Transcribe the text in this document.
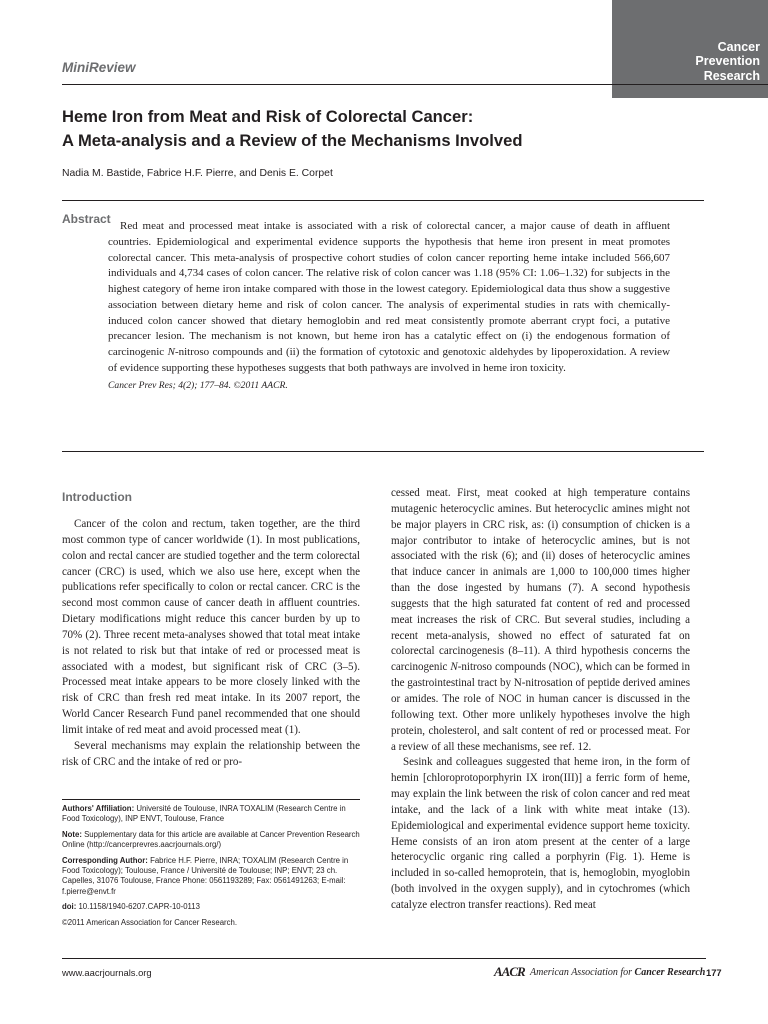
Cancer
Prevention
Research
MiniReview
Heme Iron from Meat and Risk of Colorectal Cancer:
A Meta-analysis and a Review of the Mechanisms Involved
Nadia M. Bastide, Fabrice H.F. Pierre, and Denis E. Corpet
Abstract Red meat and processed meat intake is associated with a risk of colorectal cancer, a major cause of death in affluent countries. Epidemiological and experimental evidence supports the hypothesis that heme iron present in meat promotes colorectal cancer. This meta-analysis of prospective cohort studies of colon cancer reporting heme intake included 566,607 individuals and 4,734 cases of colon cancer. The relative risk of colon cancer was 1.18 (95% CI: 1.06–1.32) for subjects in the highest category of heme iron intake compared with those in the lowest category. Epidemiological data thus show a suggestive association between dietary heme and risk of colon cancer. The analysis of experimental studies in rats with chemically-induced colon cancer showed that dietary hemoglobin and red meat consistently promote aberrant crypt foci, a putative precancer lesion. The mechanism is not known, but heme iron has a catalytic effect on (i) the endogenous formation of carcinogenic N-nitroso compounds and (ii) the formation of cytotoxic and genotoxic aldehydes by lipoperoxidation. A review of evidence supporting these hypotheses suggests that both pathways are involved in heme iron toxicity.

Cancer Prev Res; 4(2); 177–84. ©2011 AACR.
Introduction

Cancer of the colon and rectum, taken together, are the third most common type of cancer worldwide (1). In most publications, colon and rectal cancer are studied together and the term colorectal cancer (CRC) is used, which we also use here, except when the publications refer specifically to colon or rectal cancer. CRC is the second most common cause of cancer death in affluent countries. Dietary modifications might reduce this cancer burden by up to 70% (2). Three recent meta-analyses showed that total meat intake is not related to risk but that intake of red or processed meat is associated with a modest, but significant risk of CRC (3–5). Processed meat intake appears to be more closely linked with the risk of CRC than fresh red meat intake. In its 2007 report, the World Cancer Research Fund panel recommended that one should limit intake of red meat and avoid processed meat (1).

Several mechanisms may explain the relationship between the risk of CRC and the intake of red or pro-

Authors' Affiliation: Université de Toulouse, INRA TOXALIM (Research Centre in Food Toxicology), INP ENVT, Toulouse, France

Note: Supplementary data for this article are available at Cancer Prevention Research Online (http://cancerprevres.aacrjournals.org/)

Corresponding Author: Fabrice H.F. Pierre, INRA; TOXALIM (Research Centre in Food Toxicology); Toulouse, France / Université de Toulouse; INP; ENVT; 23 ch. Capelles, 31076 Toulouse, France Phone: 0561193289; Fax: 0561491263; E-mail: f.pierre@envt.fr

doi: 10.1158/1940-6207.CAPR-10-0113

©2011 American Association for Cancer Research.

cessed meat. First, meat cooked at high temperature contains mutagenic heterocyclic amines. But heterocyclic amines might not be major players in CRC risk, as: (i) consumption of chicken is a major contributor to intake of heterocyclic amines, but is not associated with the risk (6); and (ii) doses of heterocyclic amines that induce cancer in animals are 1,000 to 100,000 times higher than the dose ingested by humans (7). A second hypothesis suggests that the high saturated fat content of red and processed meat increases the risk of CRC. But several studies, including a recent meta-analysis, showed no effect of saturated fat on colorectal carcinogenesis (8–11). A third hypothesis concerns the carcinogenic N-nitroso compounds (NOC), which can be formed in the gastrointestinal tract by N-nitrosation of peptide derived amines or amides. The role of NOC in human cancer is discussed in the following text. Other more unlikely hypotheses involve the high protein, cholesterol, and salt content of red or processed meat. For a review of all these mechanisms, see ref. 12.

Sesink and colleagues suggested that heme iron, in the form of hemin [chloroprotoporphyrin IX iron(III)] a ferric form of heme, may explain the link between the risk of colon cancer and red meat intake, and the lack of a link with white meat intake (13). Epidemiological and experimental evidence support heme toxicity. Heme consists of an iron atom present at the center of a large heterocyclic organic ring called a porphyrin (Fig. 1). Heme is included in so-called hemoprotein, that is, hemoglobin, myoglobin (both involved in the oxygen supply), and in cytochromes (which catalyze electron transfer reactions). Red meat

www.aacrjournals.org	AACR American Association for Cancer Research 177
